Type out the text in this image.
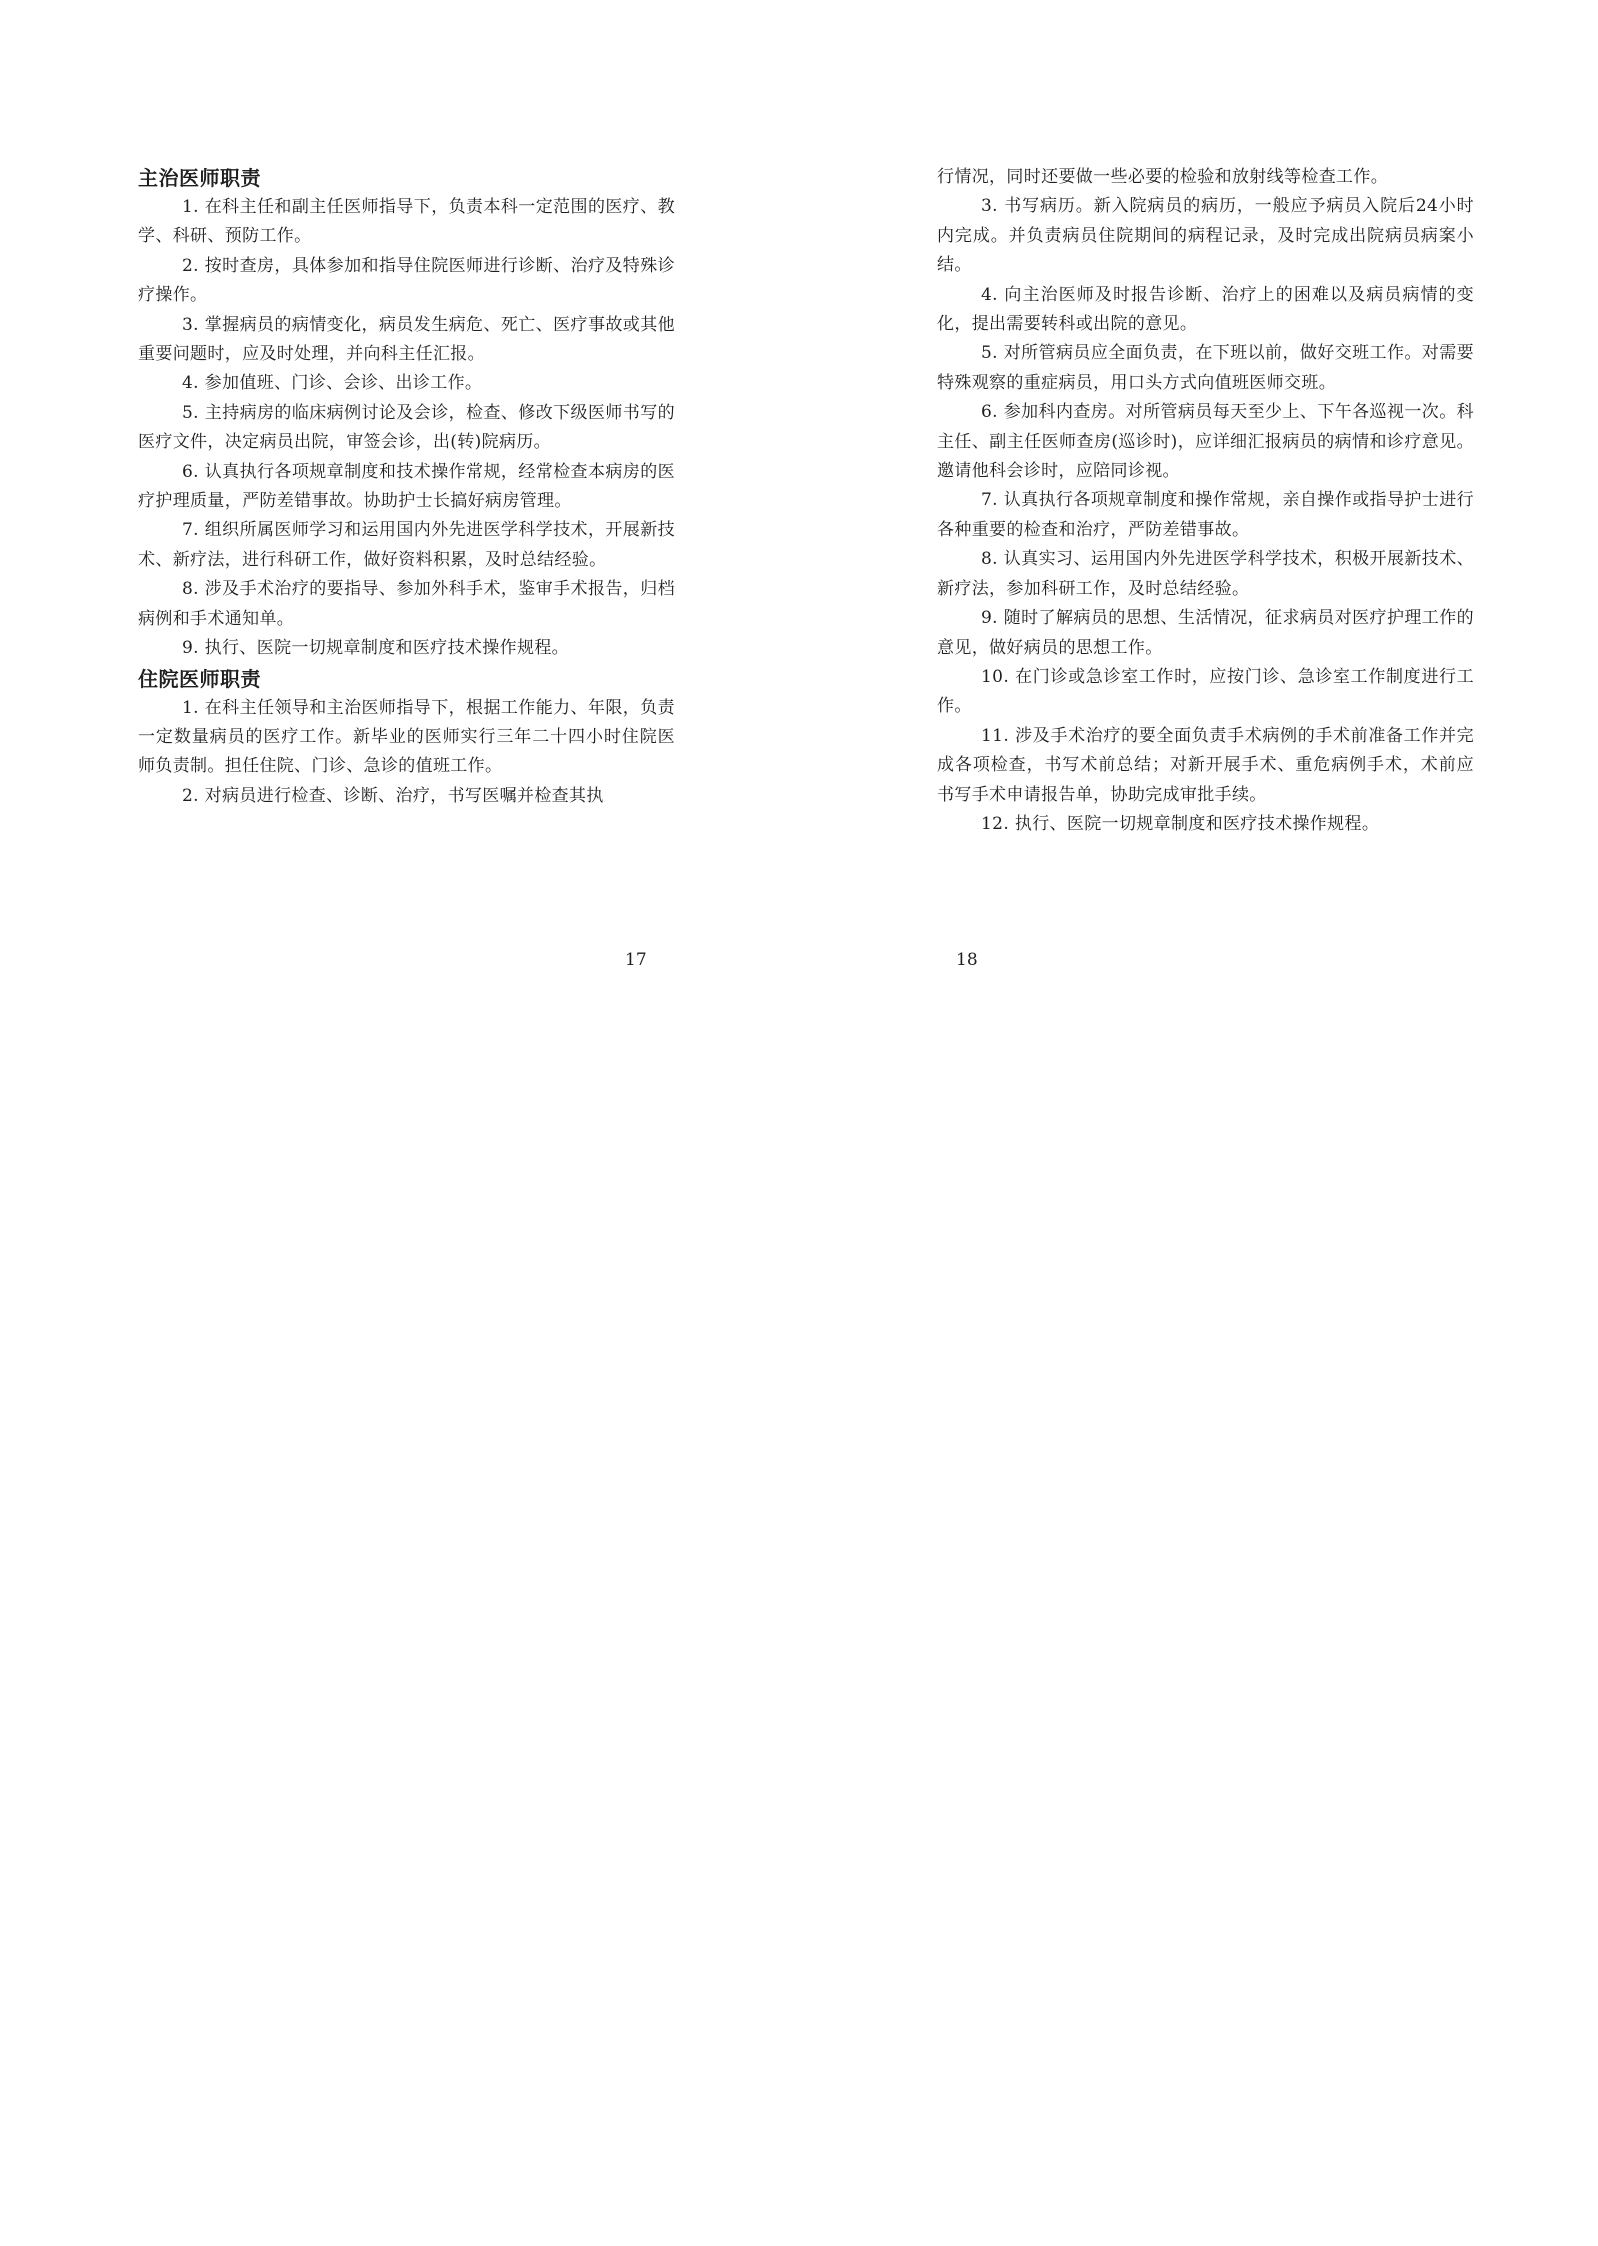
主治医师职责
1. 在科主任和副主任医师指导下，负责本科一定范围的医疗、教学、科研、预防工作。
2. 按时查房，具体参加和指导住院医师进行诊断、治疗及特殊诊疗操作。
3. 掌握病员的病情变化，病员发生病危、死亡、医疗事故或其他重要问题时，应及时处理，并向科主任汇报。
4. 参加值班、门诊、会诊、出诊工作。
5. 主持病房的临床病例讨论及会诊，检查、修改下级医师书写的医疗文件，决定病员出院，审签会诊，出(转)院病历。
6. 认真执行各项规章制度和技术操作常规，经常检查本病房的医疗护理质量，严防差错事故。协助护士长搞好病房管理。
7. 组织所属医师学习和运用国内外先进医学科学技术，开展新技术、新疗法，进行科研工作，做好资料积累，及时总结经验。
8. 涉及手术治疗的要指导、参加外科手术，鉴审手术报告，归档病例和手术通知单。
9. 执行、医院一切规章制度和医疗技术操作规程。
住院医师职责
1. 在科主任领导和主治医师指导下，根据工作能力、年限，负责一定数量病员的医疗工作。新毕业的医师实行三年二十四小时住院医师负责制。担任住院、门诊、急诊的值班工作。
2. 对病员进行检查、诊断、治疗，书写医嘱并检查其执
17
行情况，同时还要做一些必要的检验和放射线等检查工作。
3. 书写病历。新入院病员的病历，一般应予病员入院后24小时内完成。并负责病员住院期间的病程记录，及时完成出院病员病案小结。
4. 向主治医师及时报告诊断、治疗上的困难以及病员病情的变化，提出需要转科或出院的意见。
5. 对所管病员应全面负责，在下班以前，做好交班工作。对需要特殊观察的重症病员，用口头方式向值班医师交班。
6. 参加科内查房。对所管病员每天至少上、下午各巡视一次。科主任、副主任医师查房(巡诊时)，应详细汇报病员的病情和诊疗意见。邀请他科会诊时，应陪同诊视。
7. 认真执行各项规章制度和操作常规，亲自操作或指导护士进行各种重要的检查和治疗，严防差错事故。
8. 认真实习、运用国内外先进医学科学技术，积极开展新技术、新疗法，参加科研工作，及时总结经验。
9. 随时了解病员的思想、生活情况，征求病员对医疗护理工作的意见，做好病员的思想工作。
10. 在门诊或急诊室工作时，应按门诊、急诊室工作制度进行工作。
11. 涉及手术治疗的要全面负责手术病例的手术前准备工作并完成各项检查，书写术前总结；对新开展手术、重危病例手术，术前应书写手术申请报告单，协助完成审批手续。
12. 执行、医院一切规章制度和医疗技术操作规程。
18
